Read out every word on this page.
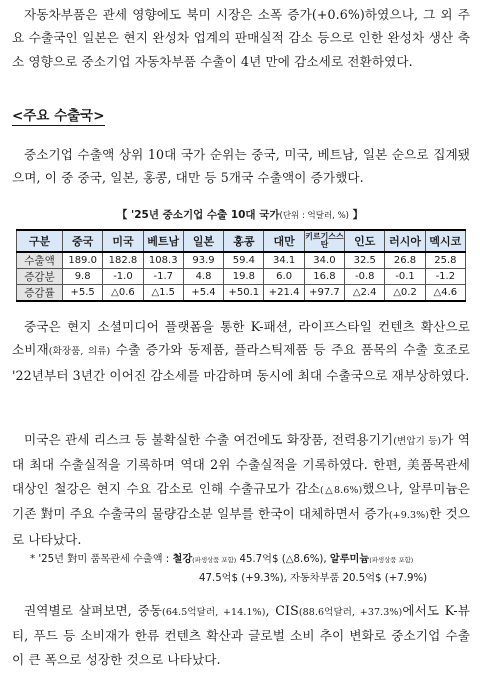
자동차부품은 관세 영향에도 북미 시장은 소폭 증가(+0.6%)하였으나, 그 외 주요 수출국인 일본은 현지 완성차 업계의 판매실적 감소 등으로 인한 완성차 생산 축소 영향으로 중소기업 자동차부품 수출이 4년 만에 감소세로 전환하였다.

<주요 수출국>

중소기업 수출액 상위 10대 국가 순위는 중국, 미국, 베트남, 일본 순으로 집계됐으며, 이 중 중국, 일본, 홍콩, 대만 등 5개국 수출액이 증가했다.

【 '25년 중소기업 수출 10대 국가(단위 : 억달러, %) 】
구분	중국	미국	베트남	일본	홍콩	대만	키르기스스탄	인도	러시아	멕시코
수출액	189.0	182.8	108.3	93.9	59.4	34.1	34.0	32.5	26.8	25.8
증감분	9.8	-1.0	-1.7	4.8	19.8	6.0	16.8	-0.8	-0.1	-1.2
증감률	+5.5	△0.6	△1.5	+5.4	+50.1	+21.4	+97.7	△2.4	△0.2	△4.6

중국은 현지 소셜미디어 플랫폼을 통한 K-패션, 라이프스타일 컨텐츠 확산으로 소비재(화장품, 의류) 수출 증가와 동제품, 플라스틱제품 등 주요 품목의 수출 호조로 '22년부터 3년간 이어진 감소세를 마감하며 동시에 최대 수출국으로 재부상하였다.

미국은 관세 리스크 등 불확실한 수출 여건에도 화장품, 전력용기기(변압기 등)가 역대 최대 수출실적을 기록하며 역대 2위 수출실적을 기록하였다. 한편, 美품목관세 대상인 철강은 현지 수요 감소로 인해 수출규모가 감소(△8.6%)했으나, 알루미늄은 기존 對미 주요 수출국의 물량감소분 일부를 한국이 대체하면서 증가(+9.3%)한 것으로 나타났다.

* '25년 對미 품목관세 수출액 : 철강(파생상품 포함) 45.7억$ (△8.6%), 알루미늄(파생상품 포함)
47.5억$ (+9.3%), 자동차부품 20.5억$ (+7.9%)

권역별로 살펴보면, 중동(64.5억달러, +14.1%), CIS(88.6억달러, +37.3%)에서도 K-뷰티, 푸드 등 소비재가 한류 컨텐츠 확산과 글로벌 소비 추이 변화로 중소기업 수출이 큰 폭으로 성장한 것으로 나타났다.
